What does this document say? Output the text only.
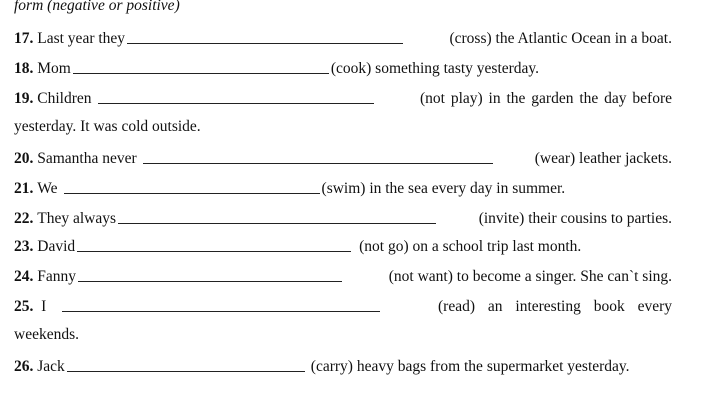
form (negative or positive)
17.
Last year they	(cross) the Atlantic Ocean in a boat.
18.
Mom	(cook) something tasty yesterday.
19.
Children	(not play) in the garden the day before
yesterday. It was cold outside.
20.
Samantha never	(wear) leather jackets.
21.
We	(swim) in the sea every day in summer.
22.
They always	(invite) their cousins to parties.
23.
David	(not go) on a school trip last month.
24.
Fanny	(not want) to become a singer. She can`t sing.
25.
I	(read) an interesting book every
weekends.
26.
Jack	(carry) heavy bags from the supermarket yesterday.
